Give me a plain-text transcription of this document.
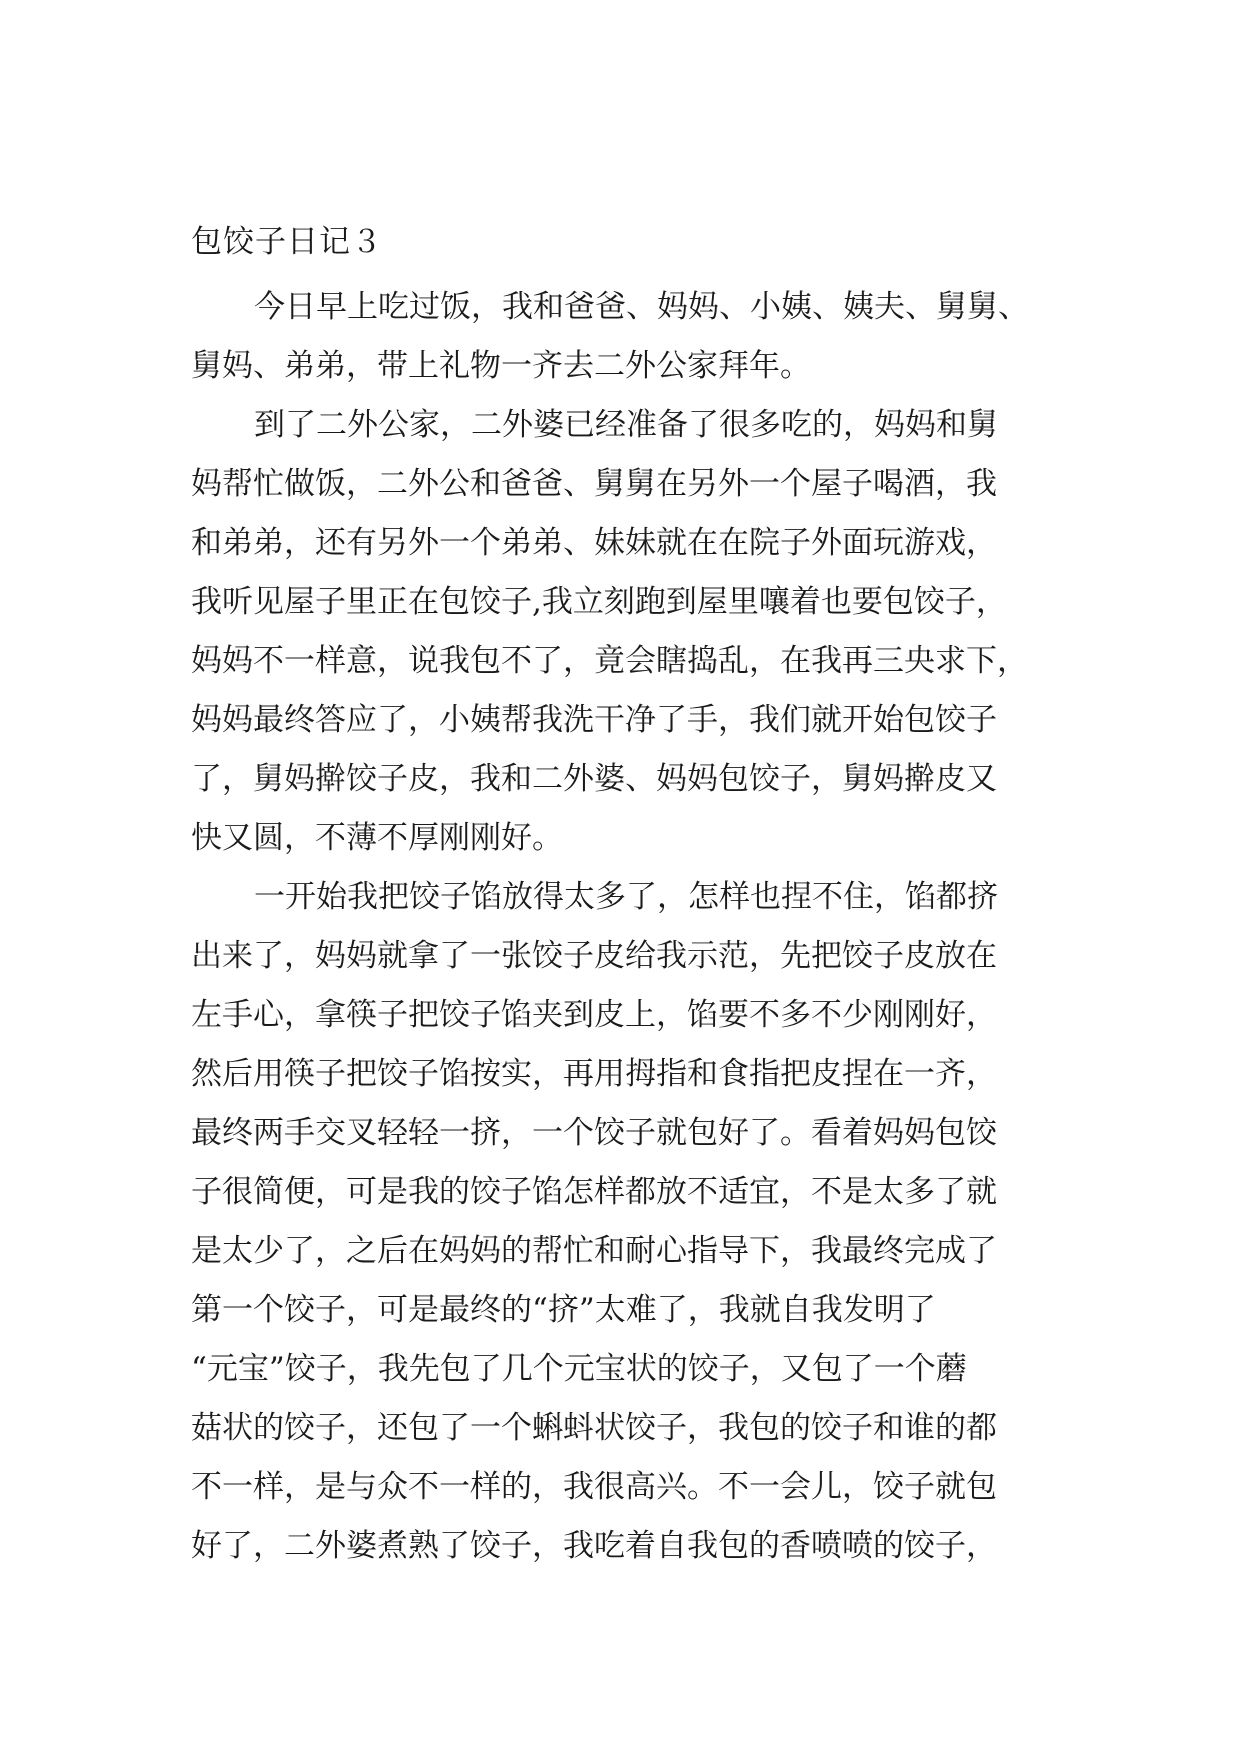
包饺子日记３
今日早上吃过饭，我和爸爸、妈妈、小姨、姨夫、舅舅、
舅妈、弟弟，带上礼物一齐去二外公家拜年。
到了二外公家，二外婆已经准备了很多吃的，妈妈和舅
妈帮忙做饭，二外公和爸爸、舅舅在另外一个屋子喝酒，我
和弟弟，还有另外一个弟弟、妹妹就在在院子外面玩游戏，
我听见屋子里正在包饺子,我立刻跑到屋里嚷着也要包饺子，
妈妈不一样意，说我包不了，竟会瞎捣乱，在我再三央求下，
妈妈最终答应了，小姨帮我洗干净了手，我们就开始包饺子
了，舅妈擀饺子皮，我和二外婆、妈妈包饺子，舅妈擀皮又
快又圆，不薄不厚刚刚好。
一开始我把饺子馅放得太多了，怎样也捏不住，馅都挤
出来了，妈妈就拿了一张饺子皮给我示范，先把饺子皮放在
左手心，拿筷子把饺子馅夹到皮上，馅要不多不少刚刚好，
然后用筷子把饺子馅按实，再用拇指和食指把皮捏在一齐，
最终两手交叉轻轻一挤，一个饺子就包好了。看着妈妈包饺
子很简便，可是我的饺子馅怎样都放不适宜，不是太多了就
是太少了，之后在妈妈的帮忙和耐心指导下，我最终完成了
第一个饺子，可是最终的“挤”太难了，我就自我发明了
“元宝”饺子，我先包了几个元宝状的饺子，又包了一个蘑
菇状的饺子，还包了一个蝌蚪状饺子，我包的饺子和谁的都
不一样，是与众不一样的，我很高兴。不一会儿，饺子就包
好了，二外婆煮熟了饺子，我吃着自我包的香喷喷的饺子，
